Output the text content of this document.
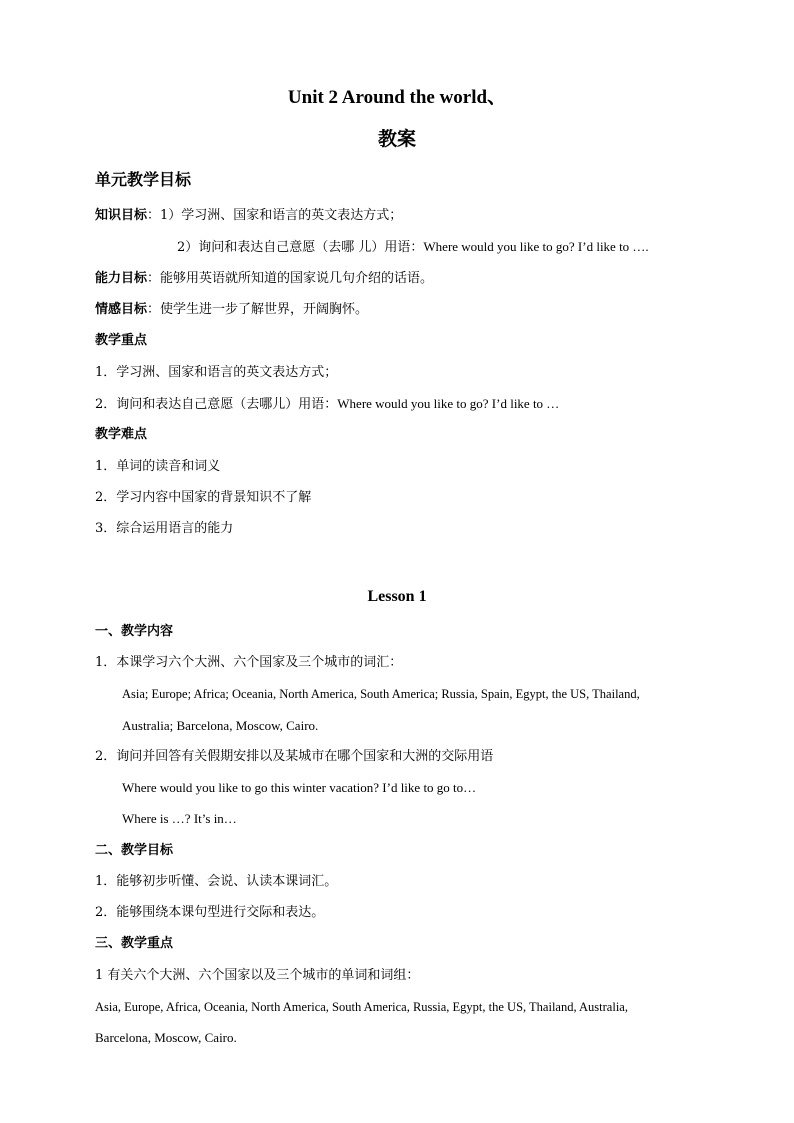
Unit 2 Around the world、
教案
单元教学目标
知识目标：1）学习洲、国家和语言的英文表达方式；
2）询问和表达自己意愿（去哪 儿）用语：Where would you like to go? I’d like to ….
能力目标：能够用英语就所知道的国家说几句介绍的话语。
情感目标：使学生进一步了解世界，开阔胸怀。
教学重点
1．学习洲、国家和语言的英文表达方式；
2．询问和表达自己意愿（去哪儿）用语：Where would you like to go? I’d like to …
教学难点
1．单词的读音和词义
2．学习内容中国家的背景知识不了解
3．综合运用语言的能力
Lesson 1
一、教学内容
1．本课学习六个大洲、六个国家及三个城市的词汇：
Asia; Europe; Africa; Oceania, North America, South America; Russia, Spain, Egypt, the US, Thailand,
Australia; Barcelona, Moscow, Cairo.
2．询问并回答有关假期安排以及某城市在哪个国家和大洲的交际用语
Where would you like to go this winter vacation? I’d like to go to…
Where is …? It’s in…
二、教学目标
1．能够初步听懂、会说、认读本课词汇。
2．能够围绕本课句型进行交际和表达。
三、教学重点
1 有关六个大洲、六个国家以及三个城市的单词和词组：
Asia, Europe, Africa, Oceania, North America, South America, Russia, Egypt, the US, Thailand, Australia,
Barcelona, Moscow, Cairo.
